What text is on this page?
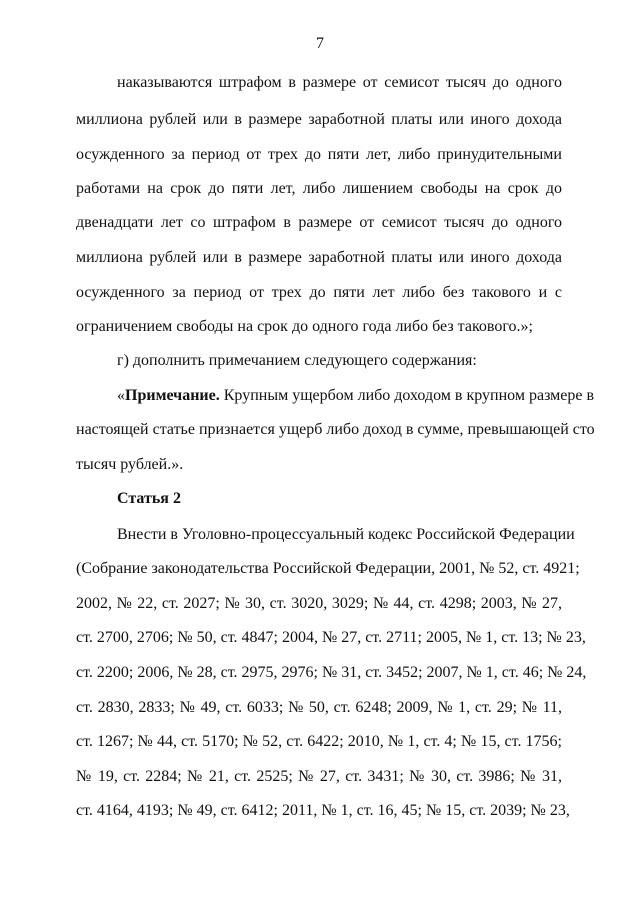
7
наказываются штрафом в размере от семисот тысяч до одного
миллиона рублей или в размере заработной платы или иного дохода
осужденного за период от трех до пяти лет, либо принудительными
работами на срок до пяти лет, либо лишением свободы на срок до
двенадцати лет со штрафом в размере от семисот тысяч до одного
миллиона рублей или в размере заработной платы или иного дохода
осужденного за период от трех до пяти лет либо без такового и с
ограничением свободы на срок до одного года либо без такового.»;
г) дополнить примечанием следующего содержания:
«Примечание. Крупным ущербом либо доходом в крупном размере в
настоящей статье признается ущерб либо доход в сумме, превышающей сто
тысяч рублей.».
Статья 2
Внести в Уголовно-процессуальный кодекс Российской Федерации
(Собрание законодательства Российской Федерации, 2001, № 52, ст. 4921;
2002, № 22, ст. 2027; № 30, ст. 3020, 3029; № 44, ст. 4298; 2003, № 27,
ст. 2700, 2706; № 50, ст. 4847; 2004, № 27, ст. 2711; 2005, № 1, ст. 13; № 23,
ст. 2200; 2006, № 28, ст. 2975, 2976; № 31, ст. 3452; 2007, № 1, ст. 46; № 24,
ст. 2830, 2833; № 49, ст. 6033; № 50, ст. 6248; 2009, № 1, ст. 29; № 11,
ст. 1267; № 44, ст. 5170; № 52, ст. 6422; 2010, № 1, ст. 4; № 15, ст. 1756;
№ 19, ст. 2284; № 21, ст. 2525; № 27, ст. 3431; № 30, ст. 3986; № 31,
ст. 4164, 4193; № 49, ст. 6412; 2011, № 1, ст. 16, 45; № 15, ст. 2039; № 23,
